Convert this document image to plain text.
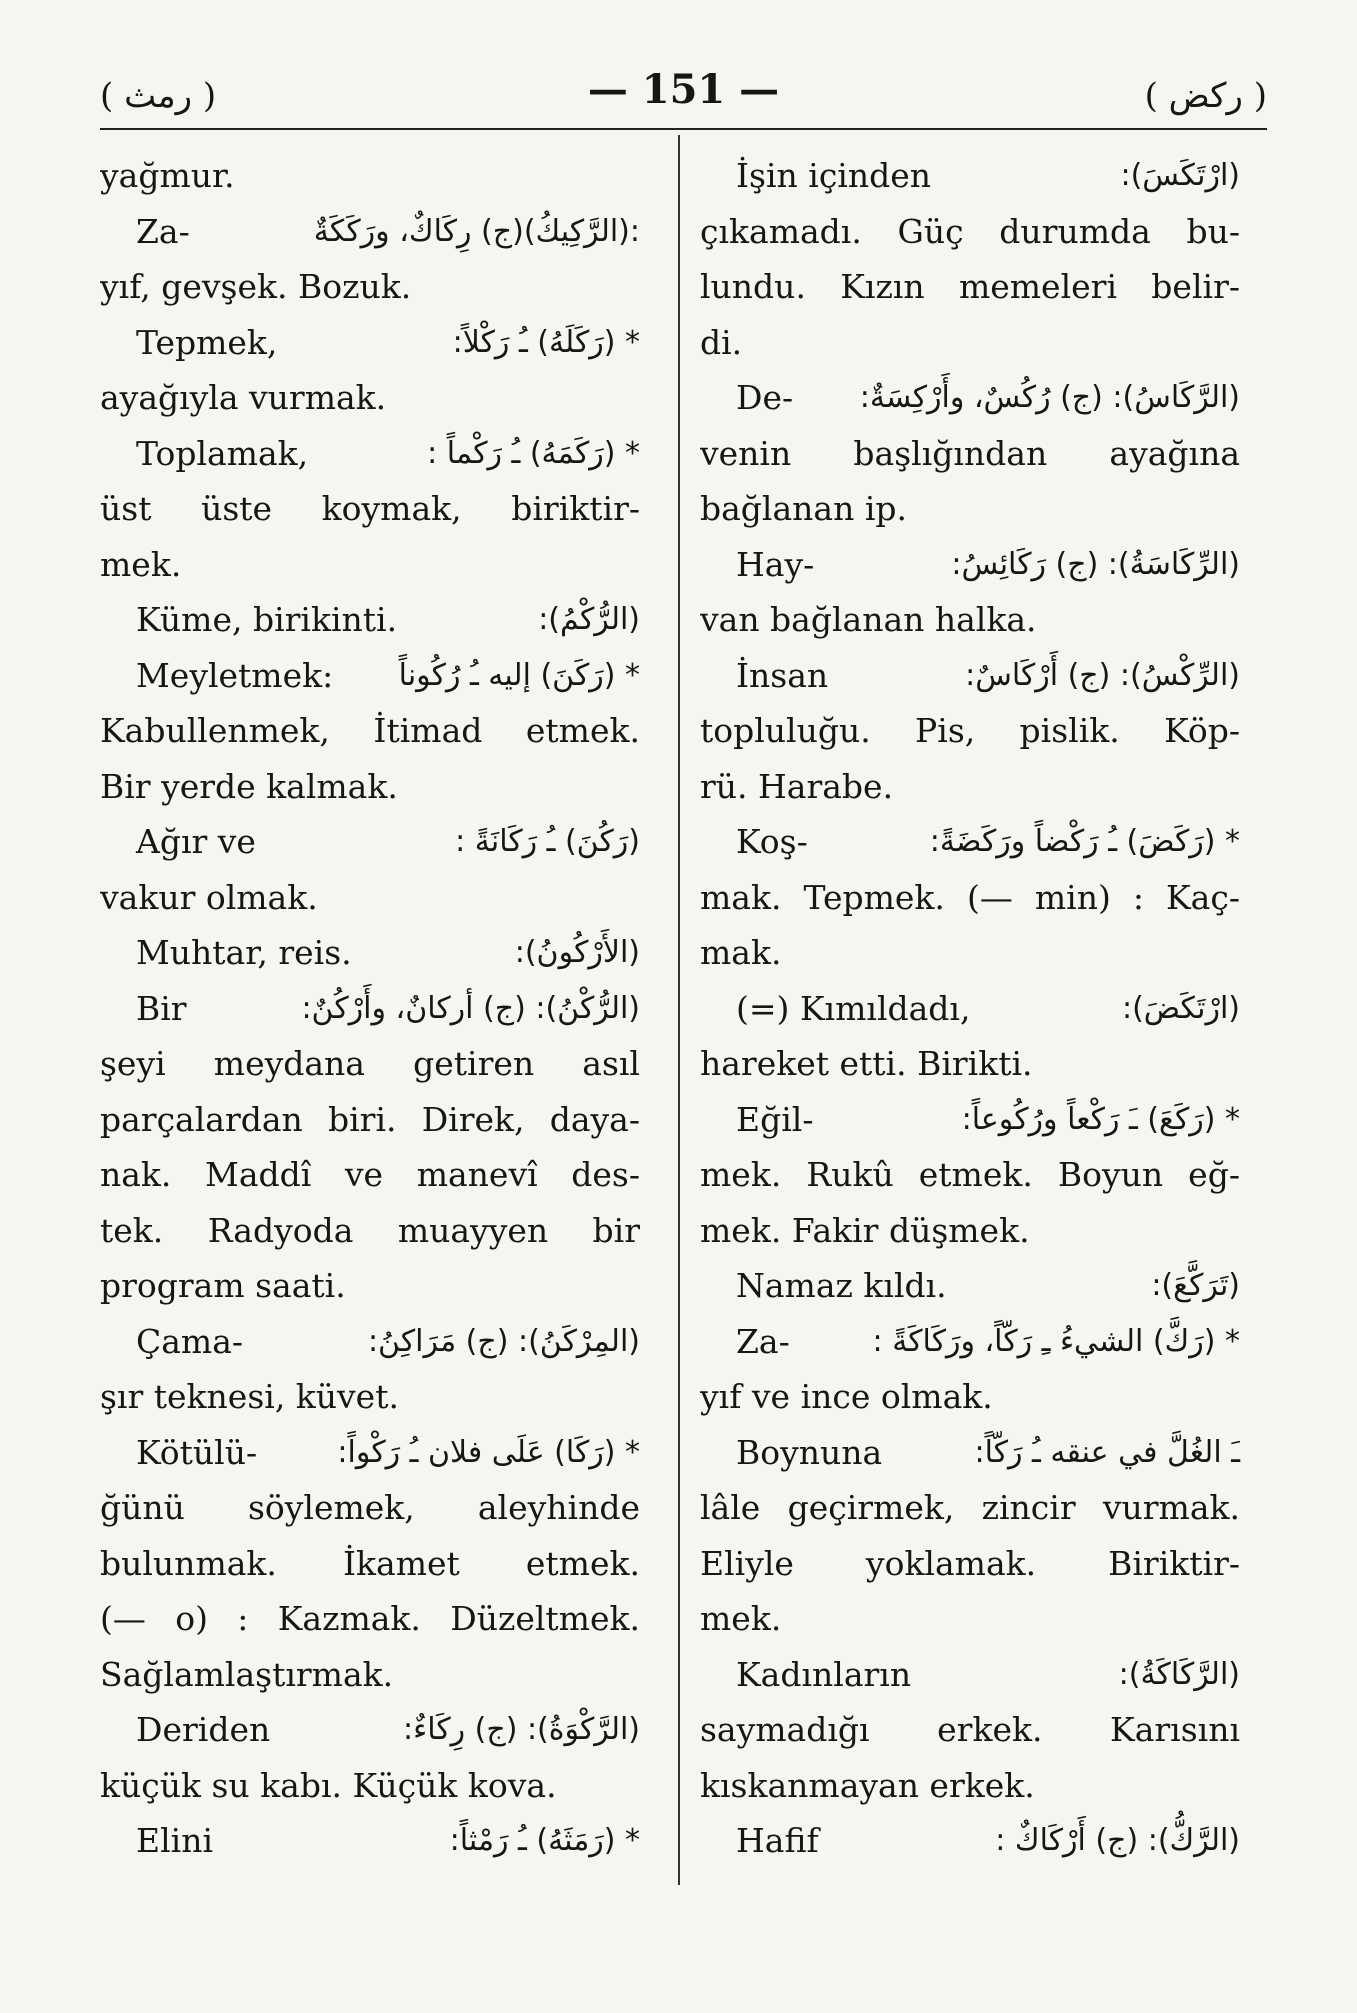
( رمث )	— 151 —	( ركض )
yağmur.
Za-	:(الرَّكِيكُ)(ج) رِكَاكٌ، ورَكَكَةٌ
yıf, gevşek. Bozuk.
Tepmek,	* (رَكَلَهُ) ـُ رَكْلاً:
ayağıyla vurmak.
Toplamak,	* (رَكَمَهُ) ـُ رَكْماً :
üst üste koymak, biriktir-
mek.
Küme, birikinti.	(الرُّكْمُ):
Meyletmek: * (رَكَنَ) إليه ـُ رُكُوناً
Kabullenmek, İtimad etmek.
Bir yerde kalmak.
Ağır ve	(رَكُنَ) ـُ رَكَانَةً :
vakur olmak.
Muhtar, reis.	(الأَرْكُونُ):
Bir	(الرُّكْنُ): (ج) أركانٌ، وأَرْكُنٌ:
şeyi meydana getiren asıl
parçalardan biri. Direk, daya-
nak. Maddî ve manevî des-
tek. Radyoda muayyen bir
program saati.
Çama-	(المِرْكَنُ): (ج) مَرَاكِنُ:
şır teknesi, küvet.
Kötülü-	* (رَكَا) عَلَى فلان ـُ رَكْواً:
ğünü söylemek, aleyhinde
bulunmak. İkamet etmek.
(— o) : Kazmak. Düzeltmek.
Sağlamlaştırmak.
Deriden	(الرَّكْوَةُ): (ج) رِكَاءٌ:
küçük su kabı. Küçük kova.
Elini	* (رَمَثَهُ) ـُ رَمْثاً:
İşin içinden	(ارْتَكَسَ):
çıkamadı. Güç durumda bu-
lundu. Kızın memeleri belir-
di.
De- (الرَّكَاسُ): (ج) رُكُسٌ، وأَرْكِسَةٌ:
venin başlığından ayağına
bağlanan ip.
Hay-	(الرِّكَاسَةُ): (ج) رَكَائِسُ:
van bağlanan halka.
İnsan	(الرِّكْسُ): (ج) أَرْكَاسٌ:
topluluğu. Pis, pislik. Köp-
rü. Harabe.
Koş-	* (رَكَضَ) ـُ رَكْضاً ورَكَضَةً:
mak. Tepmek. (— min) : Kaç-
mak.
(=) Kımıldadı,	(ارْتَكَضَ):
hareket etti. Birikti.
Eğil-	* (رَكَعَ) ـَ رَكْعاً ورُكُوعاً:
mek. Rukû etmek. Boyun eğ-
mek. Fakir düşmek.
Namaz kıldı.	(تَرَكَّعَ):
Za-	* (رَكَّ) الشيءُ ـِ رَكّاً، ورَكَاكَةً :
yıf ve ince olmak.
Boynuna	ـَ الغُلَّ في عنقه ـُ رَكّاً:
lâle geçirmek, zincir vurmak.
Eliyle yoklamak. Biriktir-
mek.
Kadınların	(الرَّكَاكَةُ):
saymadığı erkek. Karısını
kıskanmayan erkek.
Hafif	(الرَّكُّ): (ج) أَرْكَاكٌ :
